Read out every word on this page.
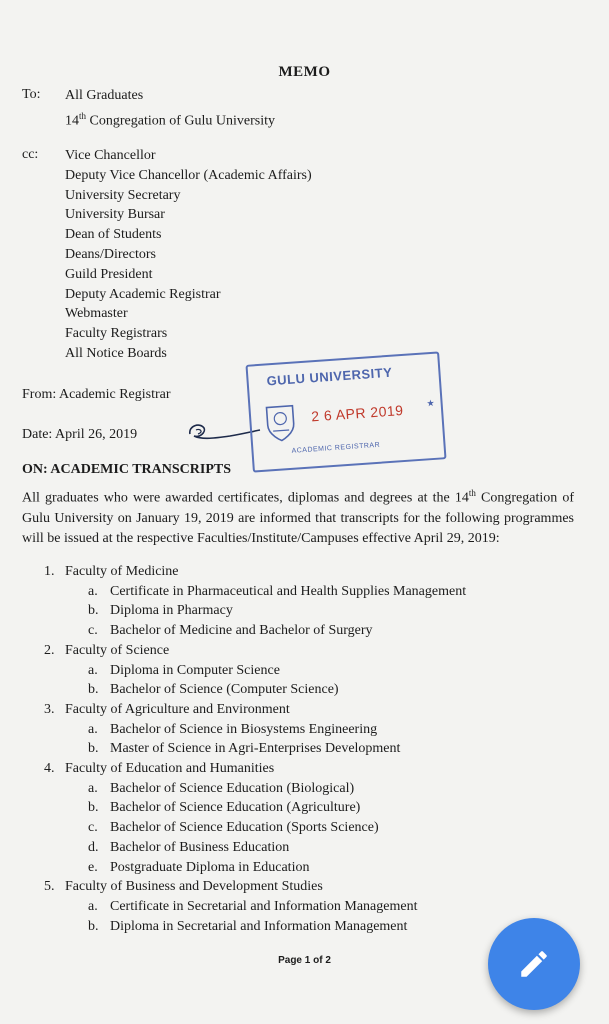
MEMO
To: All Graduates
14th Congregation of Gulu University
cc: Vice Chancellor
Deputy Vice Chancellor (Academic Affairs)
University Secretary
University Bursar
Dean of Students
Deans/Directors
Guild President
Deputy Academic Registrar
Webmaster
Faculty Registrars
All Notice Boards
From: Academic Registrar
Date: April 26, 2019
GULU UNIVERSITY
2 6 APR 2019 ★
ACADEMIC REGISTRAR
ON: ACADEMIC TRANSCRIPTS
All graduates who were awarded certificates, diplomas and degrees at the 14th Congregation of Gulu University on January 19, 2019 are informed that transcripts for the following programmes will be issued at the respective Faculties/Institute/Campuses effective April 29, 2019:
1. Faculty of Medicine
a. Certificate in Pharmaceutical and Health Supplies Management
b. Diploma in Pharmacy
c. Bachelor of Medicine and Bachelor of Surgery
2. Faculty of Science
a. Diploma in Computer Science
b. Bachelor of Science (Computer Science)
3. Faculty of Agriculture and Environment
a. Bachelor of Science in Biosystems Engineering
b. Master of Science in Agri-Enterprises Development
4. Faculty of Education and Humanities
a. Bachelor of Science Education (Biological)
b. Bachelor of Science Education (Agriculture)
c. Bachelor of Science Education (Sports Science)
d. Bachelor of Business Education
e. Postgraduate Diploma in Education
5. Faculty of Business and Development Studies
a. Certificate in Secretarial and Information Management
b. Diploma in Secretarial and Information Management
Page 1 of 2
